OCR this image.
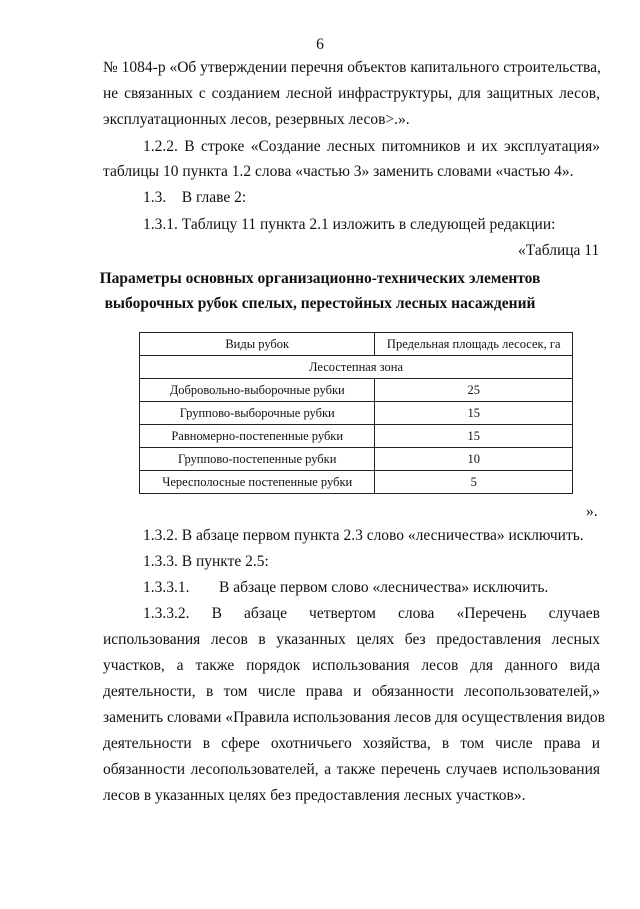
6
№ 1084-р «Об утверждении перечня объектов капитального строительства,
не связанных с созданием лесной инфраструктуры, для защитных лесов,
эксплуатационных лесов, резервных лесов>.».
1.2.2. В строке «Создание лесных питомников и их эксплуатация»
таблицы 10 пункта 1.2 слова «частью 3» заменить словами «частью 4».
1.3.    В главе 2:
1.3.1. Таблицу 11 пункта 2.1 изложить в следующей редакции:
«Таблица 11
Параметры основных организационно-технических элементов
выборочных рубок спелых, перестойных лесных насаждений
Виды рубок	Предельная площадь лесосек, га
Лесостепная зона	
Добровольно-выборочные рубки	25
Группово-выборочные рубки	15
Равномерно-постепенные рубки	15
Группово-постепенные рубки	10
Чересполосные постепенные рубки	5
».
1.3.2. В абзаце первом пункта 2.3 слово «лесничества» исключить.
1.3.3. В пункте 2.5:
1.3.3.1. В абзаце первом слово «лесничества» исключить.
1.3.3.2. В абзаце четвертом слова «Перечень случаев
использования лесов в указанных целях без предоставления лесных
участков, а также порядок использования лесов для данного вида
деятельности, в том числе права и обязанности лесопользователей,»
заменить словами «Правила использования лесов для осуществления видов
деятельности в сфере охотничьего хозяйства, в том числе права и
обязанности лесопользователей, а также перечень случаев использования
лесов в указанных целях без предоставления лесных участков».
